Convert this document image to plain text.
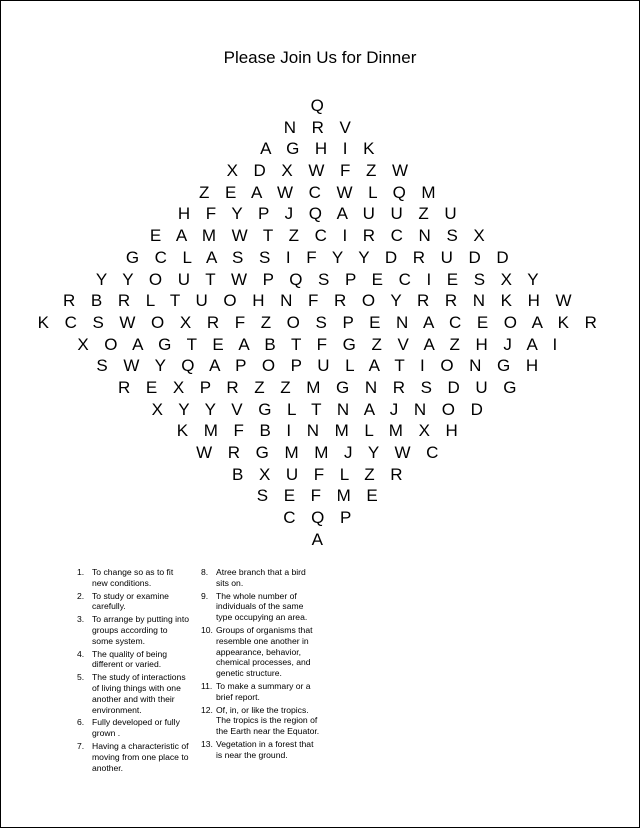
Please Join Us for Dinner
Q
N R V
A G H I K
X D X W F Z W
Z E A W C W L Q M
H F Y P J Q A U U Z U
E A M W T Z C I R C N S X
G C L A S S I F Y Y D R U D D
Y Y O U T W P Q S P E C I E S X Y
R B R L T U O H N F R O Y R R N K H W
K C S W O X R F Z O S P E N A C E O A K R
X O A G T E A B T F G Z V A Z H J A I
S W Y Q A P O P U L A T I O N G H
R E X P R Z Z M G N R S D U G
X Y Y V G L T N A J N O D
K M F B I N M L M X H
W R G M M J Y W C
B X U F L Z R
S E F M E
C Q P
A
1. To change so as to fit new conditions.
2. To study or examine carefully.
3. To arrange by putting into groups according to some system.
4. The quality of being different or varied.
5. The study of interactions of living things with one another and with their environment.
6. Fully developed or fully grown .
7. Having a characteristic of moving from one place to another.
8. Atree branch that a bird sits on.
9. The whole number of individuals of the same type occupying an area.
10. Groups of organisms that resemble one another in appearance, behavior, chemical processes, and genetic structure.
11. To make a summary or a brief report.
12. Of, in, or like the tropics. The tropics is the region of the Earth near the Equator.
13. Vegetation in a forest that is near the ground.
